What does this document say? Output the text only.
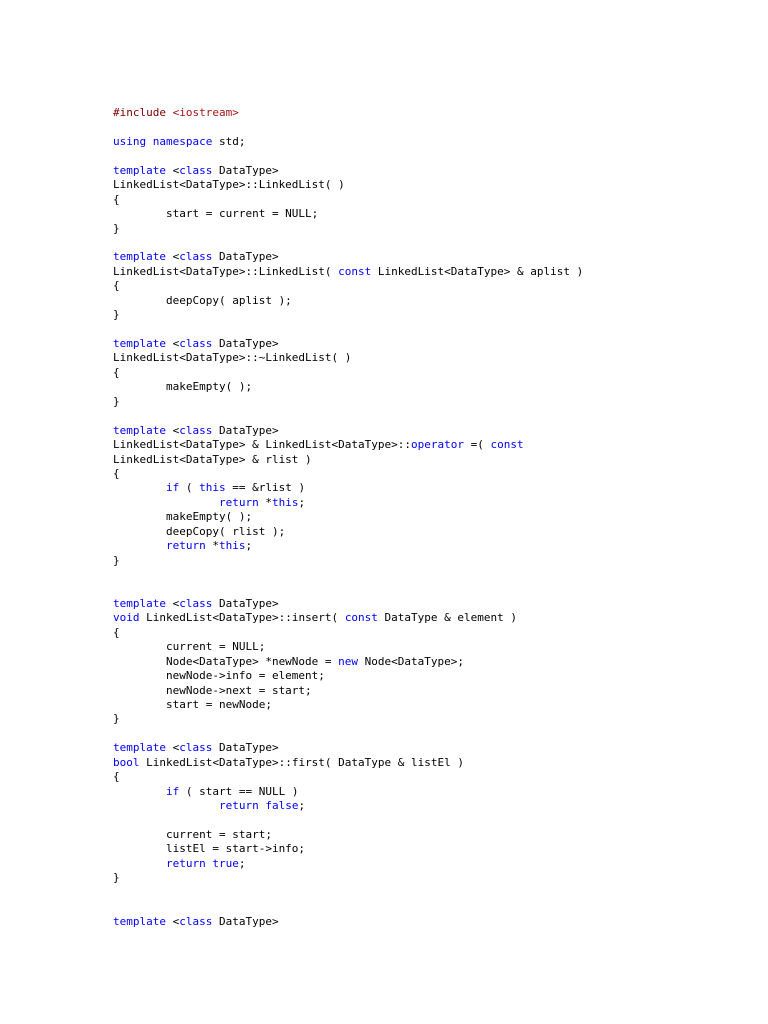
#include <iostream>
using namespace std;
template <class DataType>
LinkedList<DataType>::LinkedList( )
{
start = current = NULL;
}
template <class DataType>
LinkedList<DataType>::LinkedList( const LinkedList<DataType> & aplist )
{
deepCopy( aplist );
}
template <class DataType>
LinkedList<DataType>::~LinkedList( )
{
makeEmpty( );
}
template <class DataType>
LinkedList<DataType> & LinkedList<DataType>::operator =( const
LinkedList<DataType> & rlist )
{
if ( this == &rlist )
return *this;
makeEmpty( );
deepCopy( rlist );
return *this;
}
template <class DataType>
void LinkedList<DataType>::insert( const DataType & element )
{
current = NULL;
Node<DataType> *newNode = new Node<DataType>;
newNode->info = element;
newNode->next = start;
start = newNode;
}
template <class DataType>
bool LinkedList<DataType>::first( DataType & listEl )
{
if ( start == NULL )
return false;
current = start;
listEl = start->info;
return true;
}
template <class DataType>
